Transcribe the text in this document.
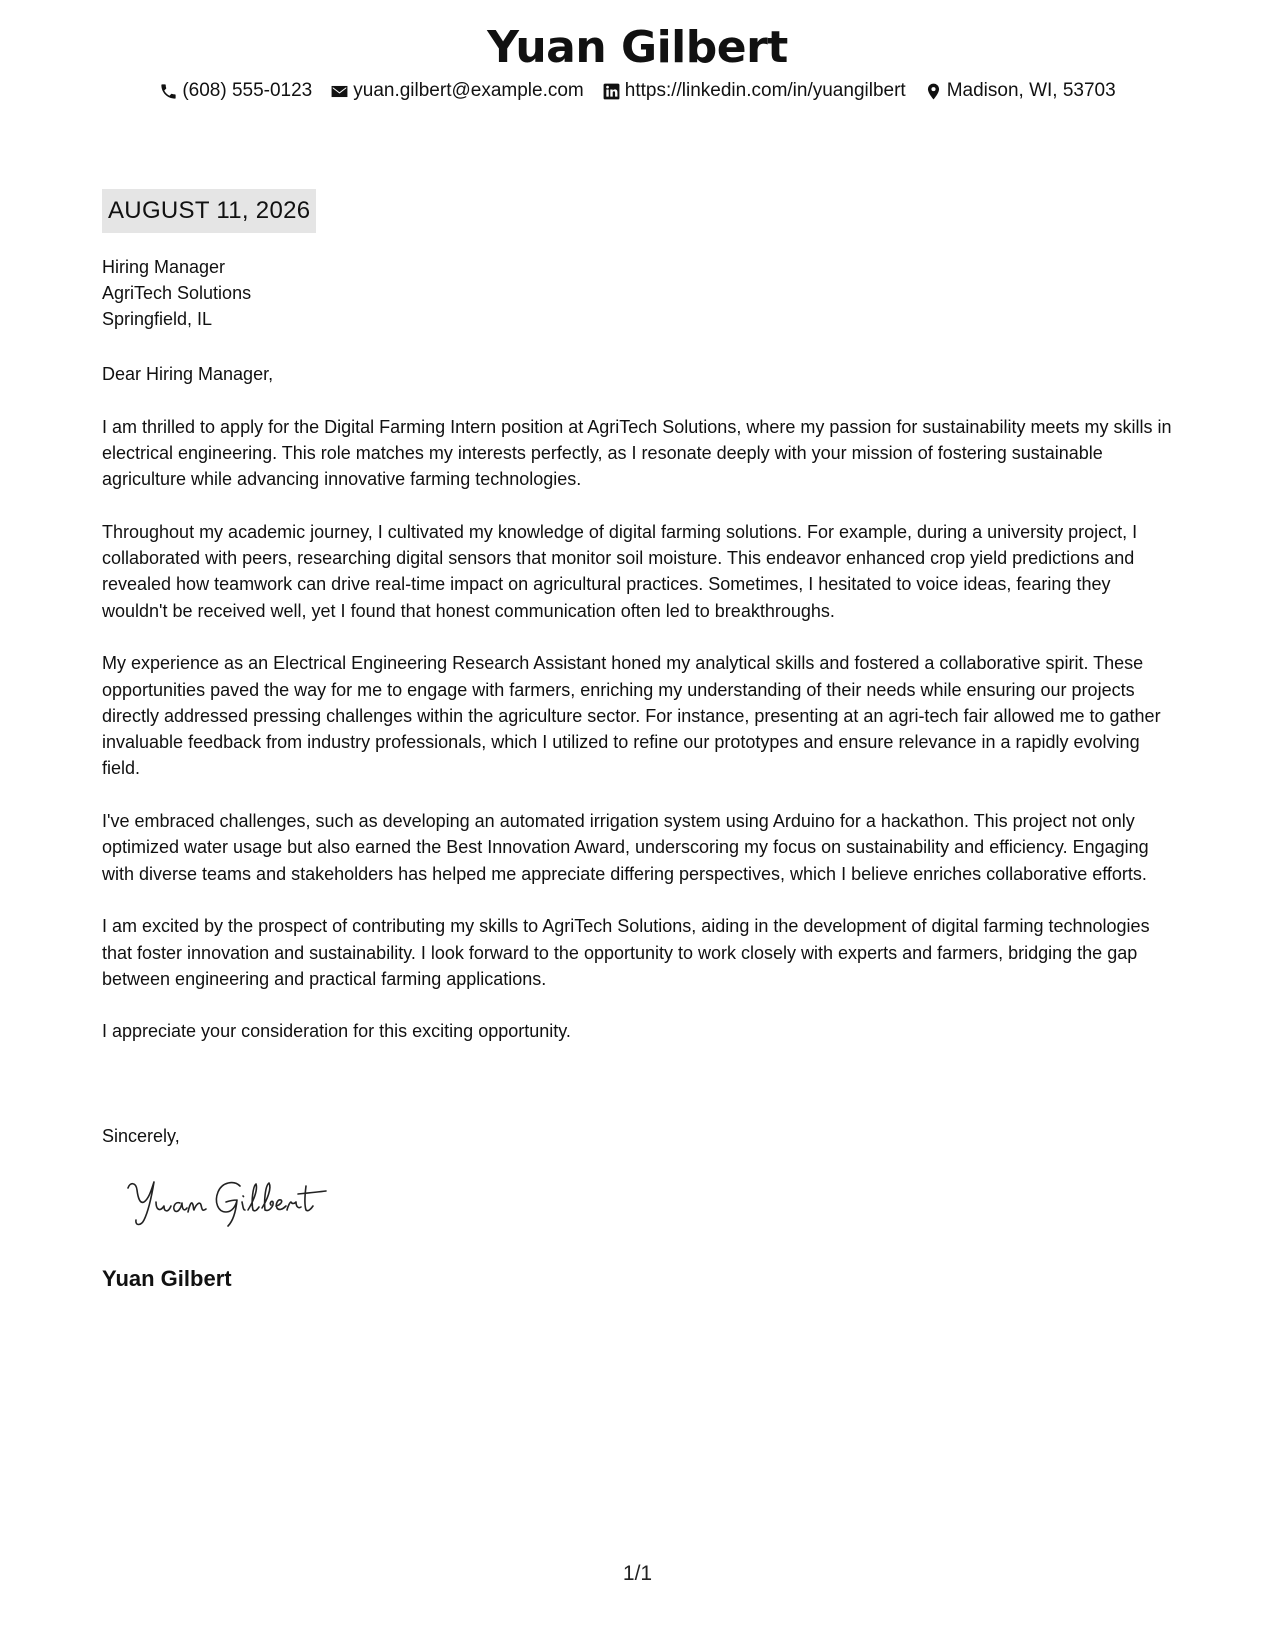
Yuan Gilbert
(608) 555-0123 yuan.gilbert@example.com https://linkedin.com/in/yuangilbert Madison, WI, 53703
AUGUST 11, 2026
Hiring Manager
AgriTech Solutions
Springfield, IL

Dear Hiring Manager,

I am thrilled to apply for the Digital Farming Intern position at AgriTech Solutions, where my passion for sustainability meets my skills in electrical engineering. This role matches my interests perfectly, as I resonate deeply with your mission of fostering sustainable agriculture while advancing innovative farming technologies.

Throughout my academic journey, I cultivated my knowledge of digital farming solutions. For example, during a university project, I collaborated with peers, researching digital sensors that monitor soil moisture. This endeavor enhanced crop yield predictions and revealed how teamwork can drive real-time impact on agricultural practices. Sometimes, I hesitated to voice ideas, fearing they wouldn't be received well, yet I found that honest communication often led to breakthroughs.

My experience as an Electrical Engineering Research Assistant honed my analytical skills and fostered a collaborative spirit. These opportunities paved the way for me to engage with farmers, enriching my understanding of their needs while ensuring our projects directly addressed pressing challenges within the agriculture sector. For instance, presenting at an agri-tech fair allowed me to gather invaluable feedback from industry professionals, which I utilized to refine our prototypes and ensure relevance in a rapidly evolving field.

I've embraced challenges, such as developing an automated irrigation system using Arduino for a hackathon. This project not only optimized water usage but also earned the Best Innovation Award, underscoring my focus on sustainability and efficiency. Engaging with diverse teams and stakeholders has helped me appreciate differing perspectives, which I believe enriches collaborative efforts.

I am excited by the prospect of contributing my skills to AgriTech Solutions, aiding in the development of digital farming technologies that foster innovation and sustainability. I look forward to the opportunity to work closely with experts and farmers, bridging the gap between engineering and practical farming applications.

I appreciate your consideration for this exciting opportunity.

Sincerely,
Yuan Gilbert
1/1
